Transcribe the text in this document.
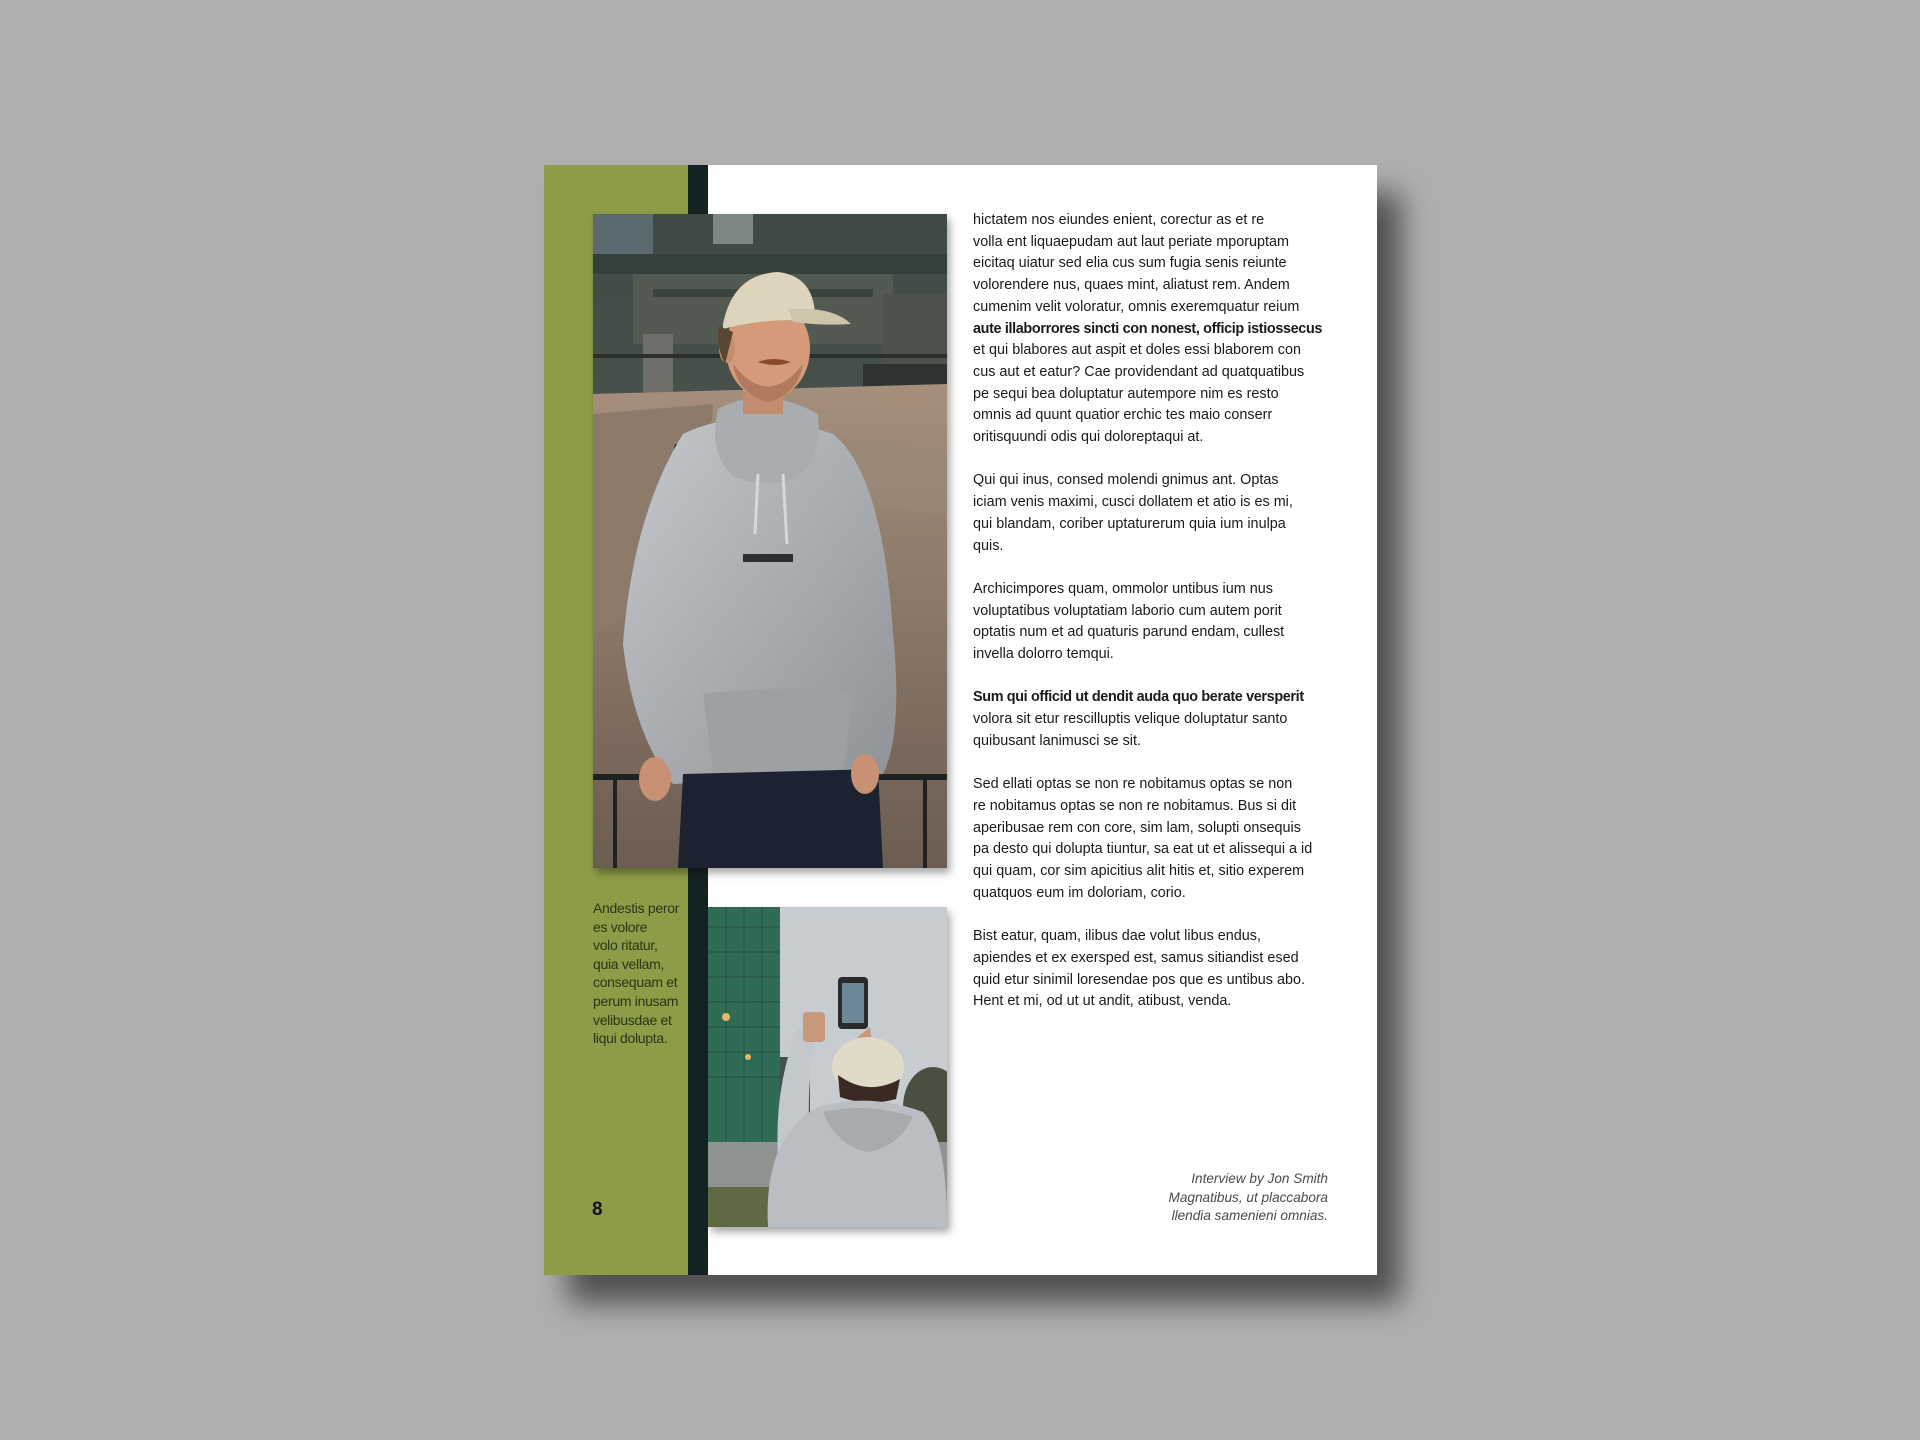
Andestis peror
es volore
volo ritatur,
quia vellam,
consequam et
perum inusam
velibusdae et
liqui dolupta.
8

hictatem nos eiundes enient, corectur as et re
volla ent liquaepudam aut laut periate mporuptam
eicitaq uiatur sed elia cus sum fugia senis reiunte
volorendere nus, quaes mint, aliatust rem. Andem
cumenim velit voloratur, omnis exeremquatur reium
aute illaborrores sincti con nonest, officip istiossecus
et qui blabores aut aspit et doles essi blaborem con
cus aut et eatur? Cae providendant ad quatquatibus
pe sequi bea doluptatur autempore nim es resto
omnis ad quunt quatior erchic tes maio conserr
oritisquundi odis qui doloreptaqui at.

Qui qui inus, consed molendi gnimus ant. Optas
iciam venis maximi, cusci dollatem et atio is es mi,
qui blandam, coriber uptaturerum quia ium inulpa
quis.

Archicimpores quam, ommolor untibus ium nus
voluptatibus voluptatiam laborio cum autem porit
optatis num et ad quaturis parund endam, cullest
invella dolorro temqui.

Sum qui officid ut dendit auda quo berate versperit
volora sit etur rescilluptis velique doluptatur santo
quibusant lanimusci se sit.

Sed ellati optas se non re nobitamus optas se non
re nobitamus optas se non re nobitamus. Bus si dit
aperibusae rem con core, sim lam, solupti onsequis
pa desto qui dolupta tiuntur, sa eat ut et alissequi a id
qui quam, cor sim apicitius alit hitis et, sitio experem
quatquos eum im doloriam, corio.

Bist eatur, quam, ilibus dae volut libus endus,
apiendes et ex exersped est, samus sitiandist esed
quid etur sinimil loresendae pos que es untibus abo.
Hent et mi, od ut ut andit, atibust, venda.

Interview by Jon Smith
Magnatibus, ut placcabora
llendia samenieni omnias.
